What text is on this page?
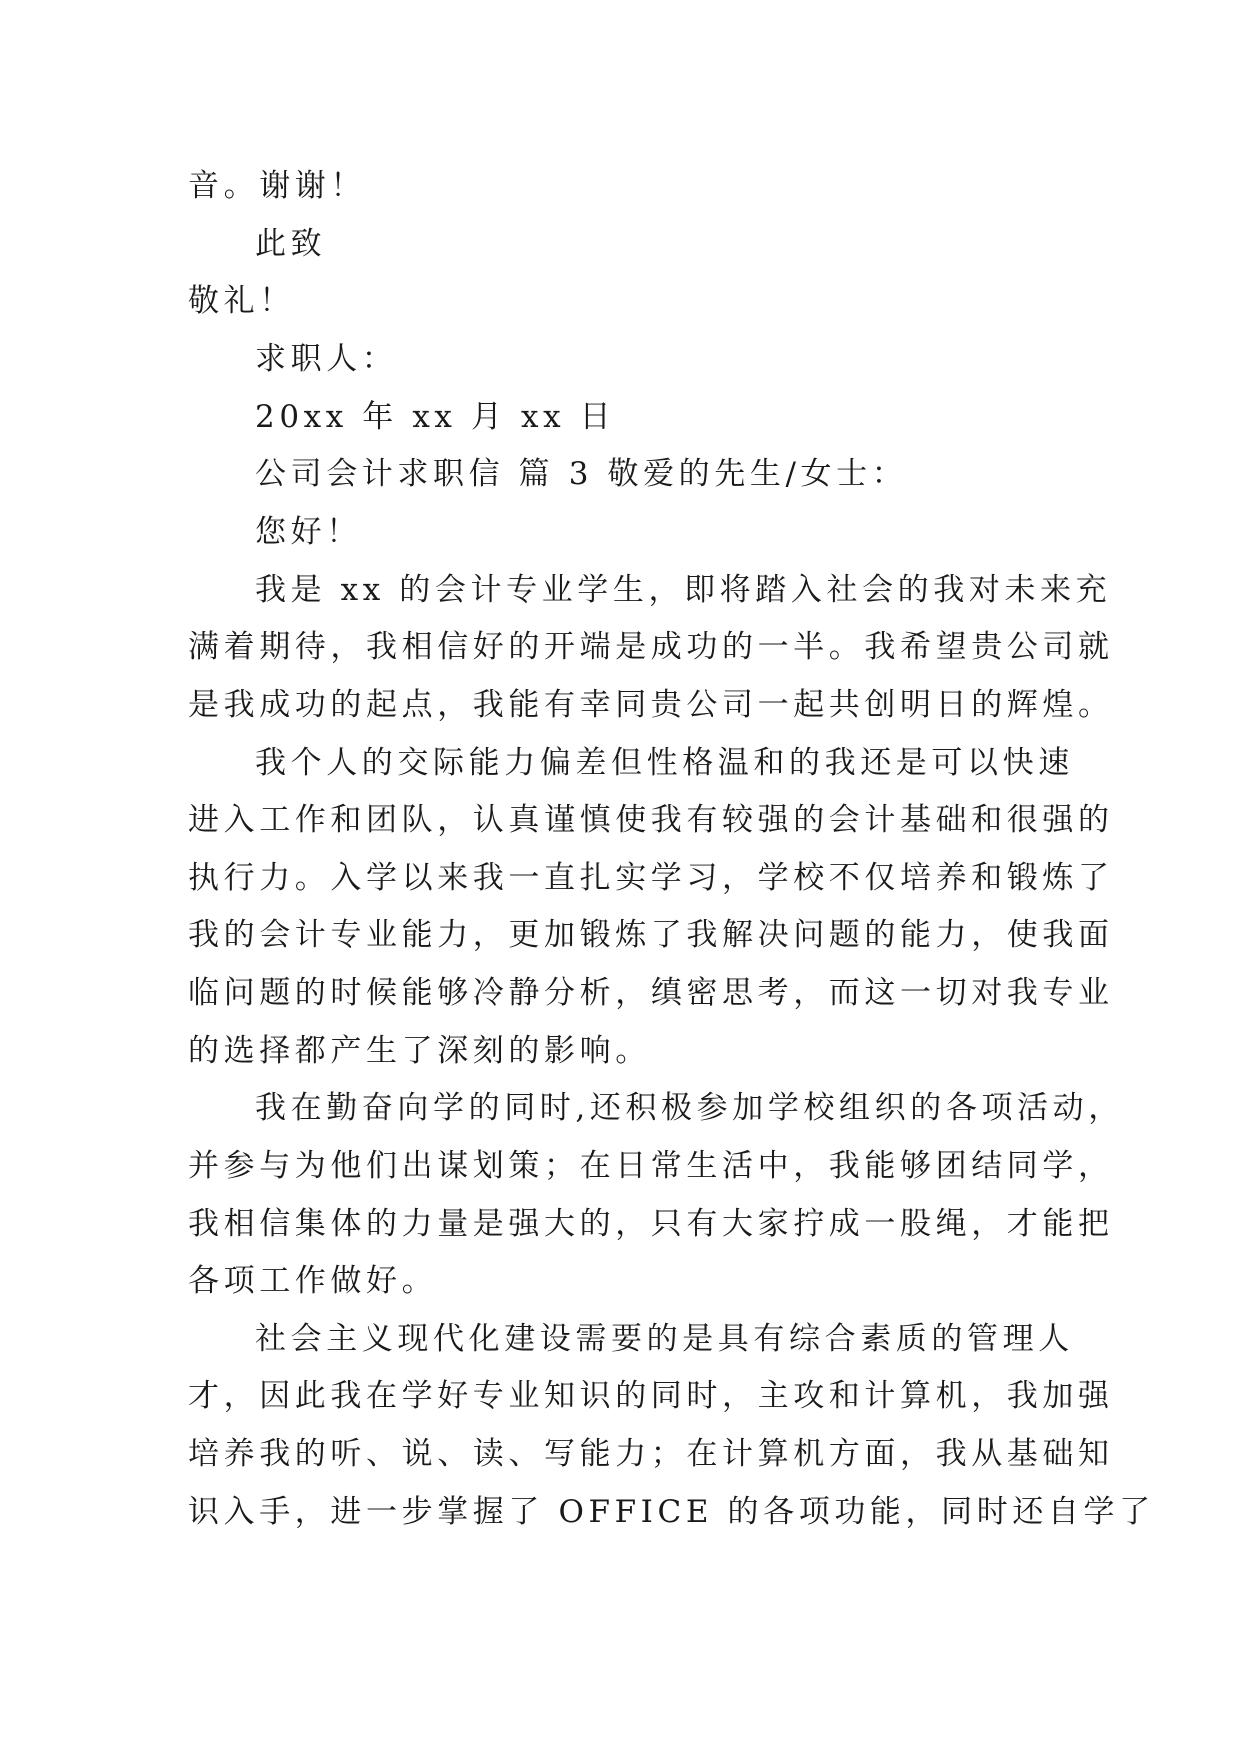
音。谢谢！
此致
敬礼！
求职人：
20xx 年 xx 月 xx 日
公司会计求职信 篇 3 敬爱的先生/女士：
您好！
我是 xx 的会计专业学生，即将踏入社会的我对未来充
满着期待，我相信好的开端是成功的一半。我希望贵公司就
是我成功的起点，我能有幸同贵公司一起共创明日的辉煌。
我个人的交际能力偏差但性格温和的我还是可以快速
进入工作和团队，认真谨慎使我有较强的会计基础和很强的
执行力。入学以来我一直扎实学习，学校不仅培养和锻炼了
我的会计专业能力，更加锻炼了我解决问题的能力，使我面
临问题的时候能够冷静分析，缜密思考，而这一切对我专业
的选择都产生了深刻的影响。
我在勤奋向学的同时,还积极参加学校组织的各项活动，
并参与为他们出谋划策；在日常生活中，我能够团结同学，
我相信集体的力量是强大的，只有大家拧成一股绳，才能把
各项工作做好。
社会主义现代化建设需要的是具有综合素质的管理人
才，因此我在学好专业知识的同时，主攻和计算机，我加强
培养我的听、说、读、写能力；在计算机方面，我从基础知
识入手，进一步掌握了 OFFICE 的各项功能，同时还自学了
